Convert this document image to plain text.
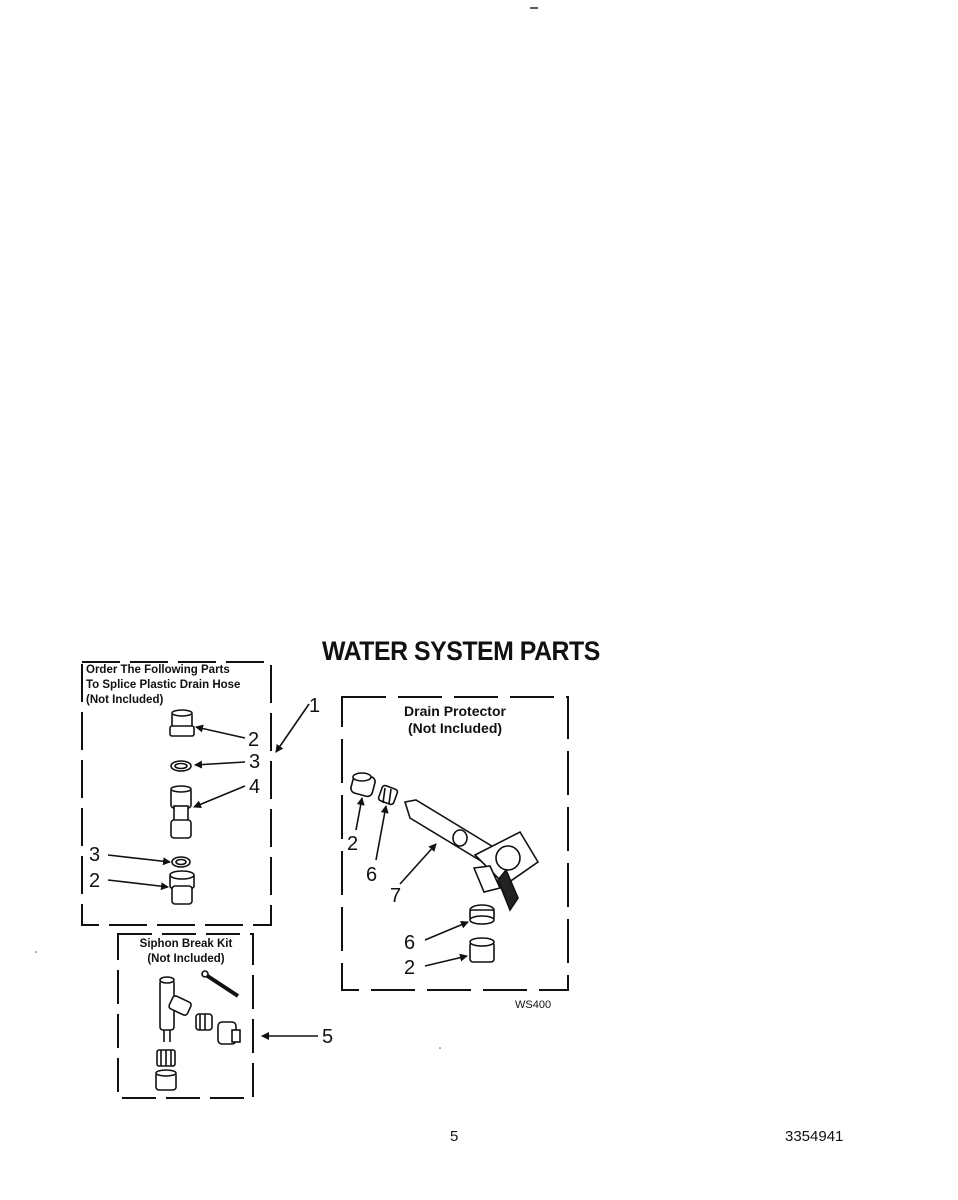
WATER SYSTEM PARTS
Order The Following Parts
To Splice Plastic Drain Hose
(Not Included)
Siphon Break Kit
(Not Included)
Drain Protector
(Not Included)
1
2
3
4
3
2
5
2
6
7
6
2
WS400
5	3354941
